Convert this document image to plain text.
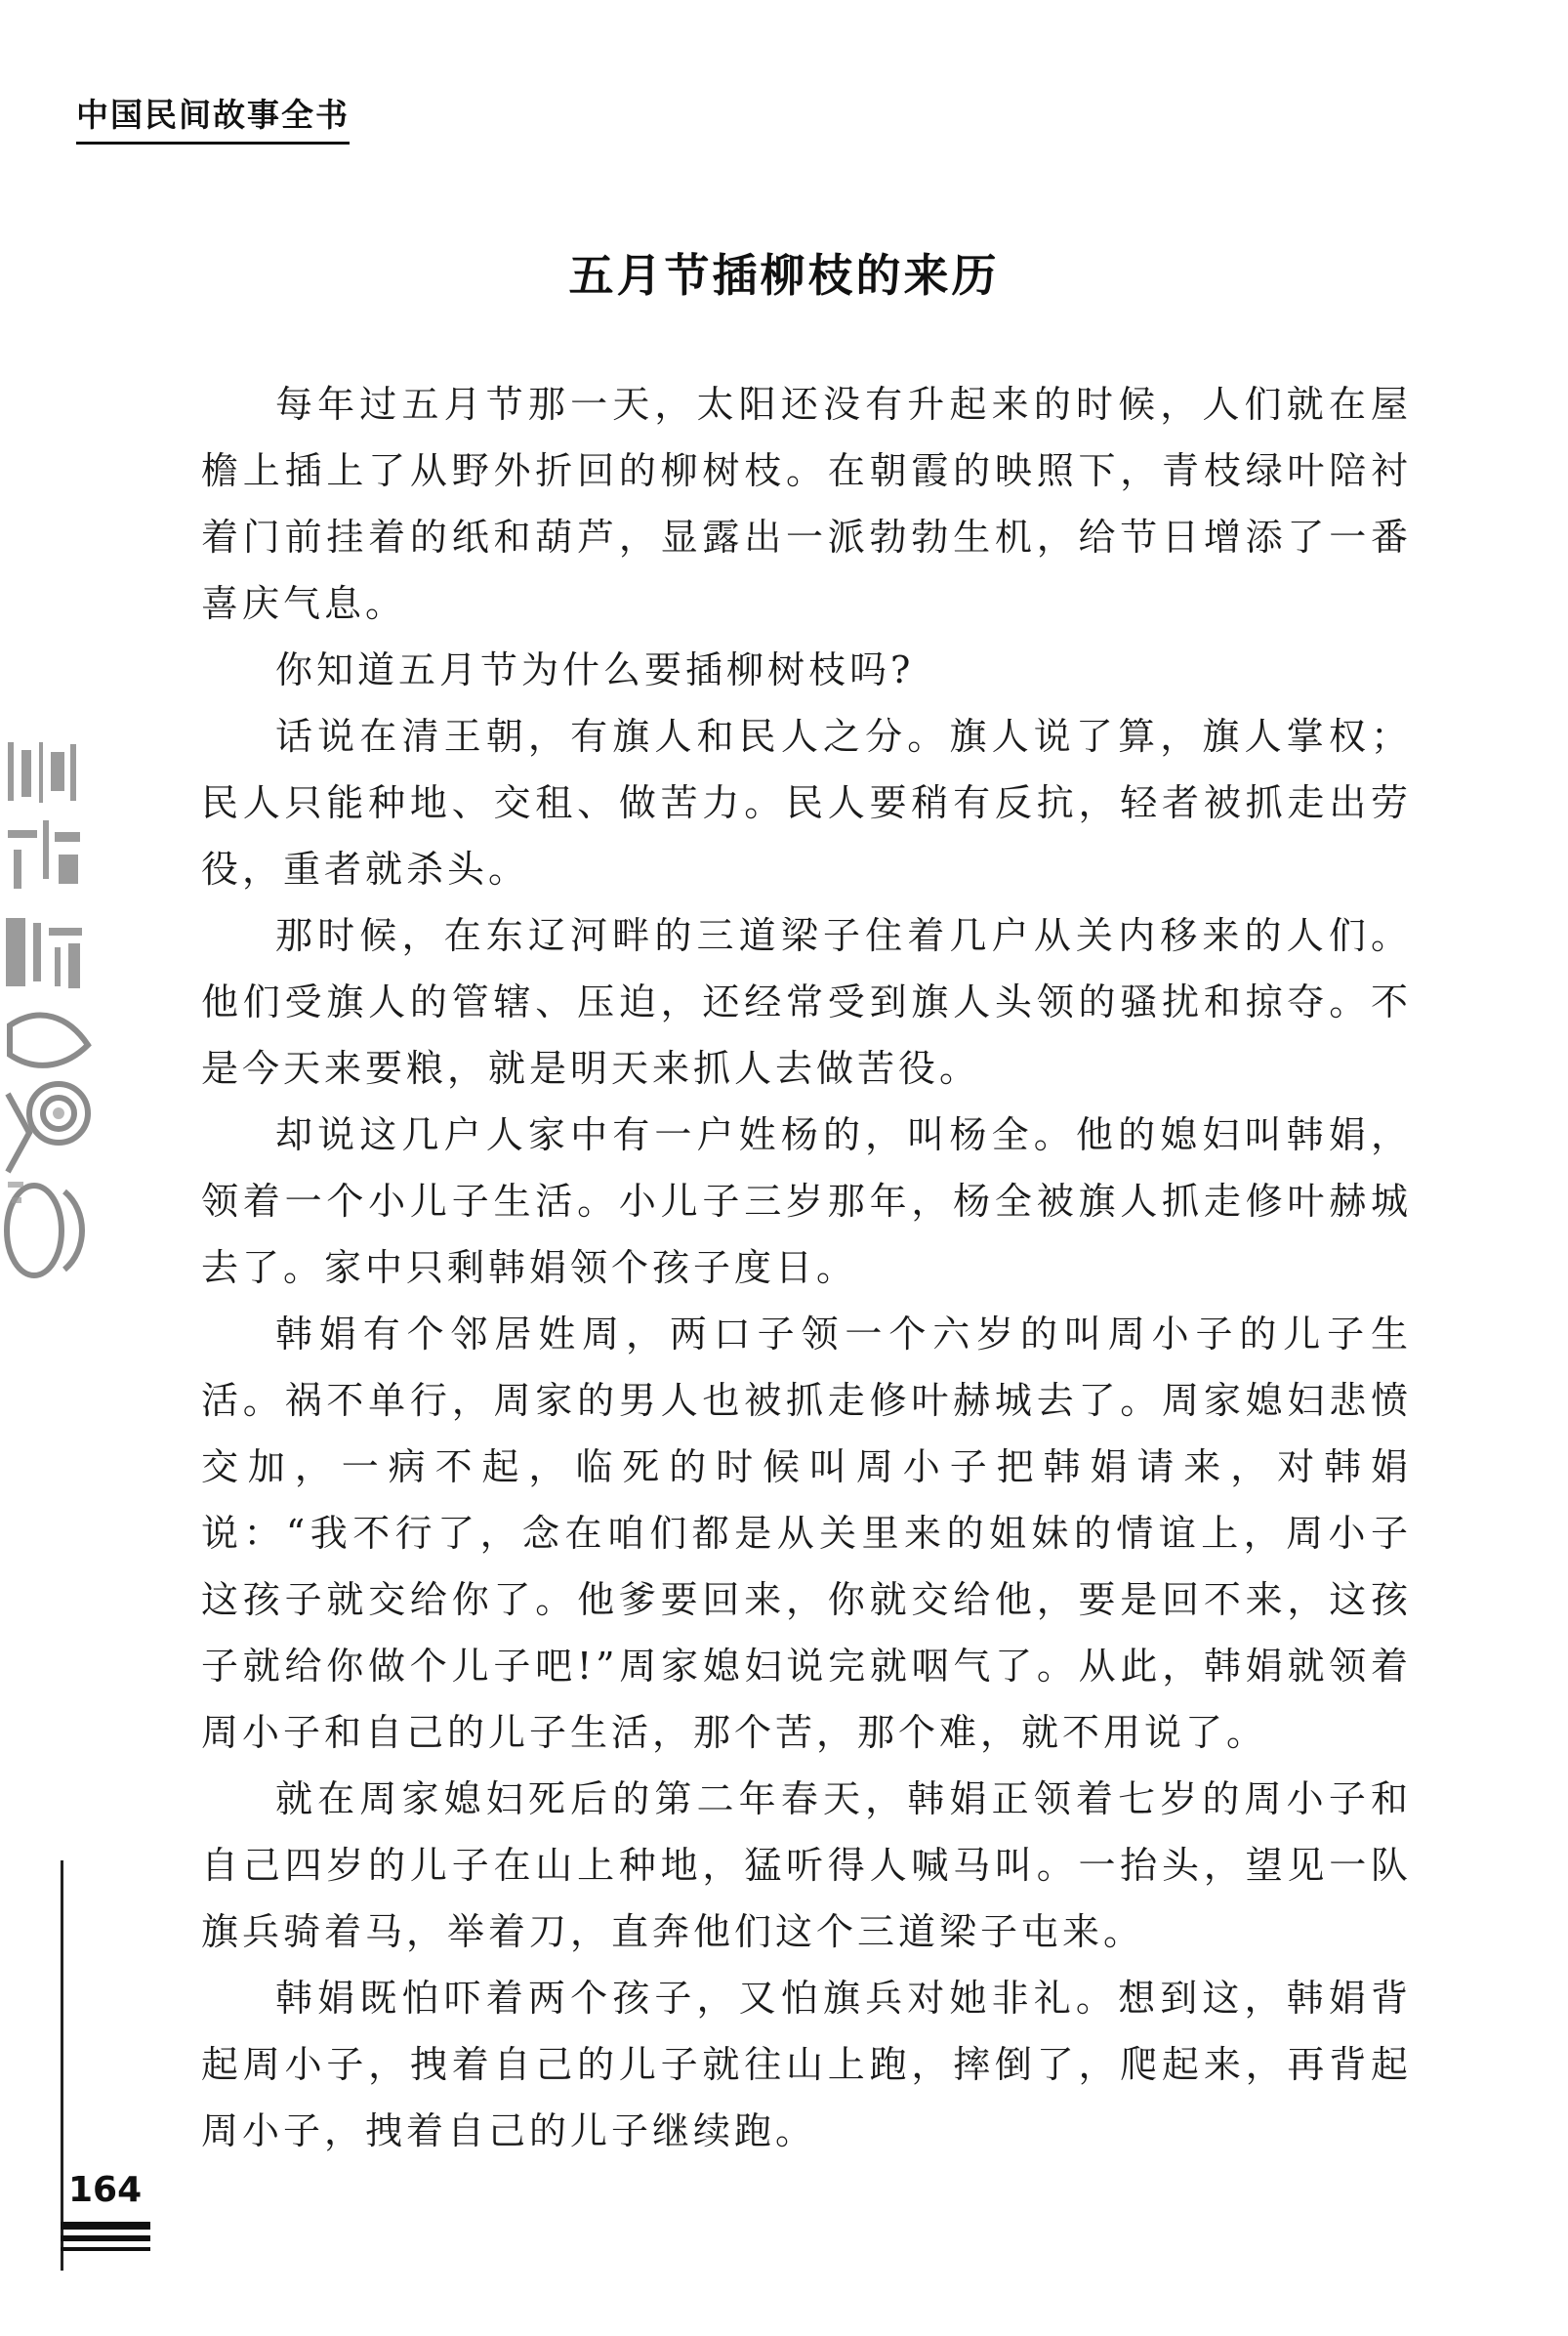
中国民间故事全书
五月节插柳枝的来历

每年过五月节那一天，太阳还没有升起来的时候，人们就在屋檐上插上了从野外折回的柳树枝。在朝霞的映照下，青枝绿叶陪衬着门前挂着的纸和葫芦，显露出一派勃勃生机，给节日增添了一番喜庆气息。

你知道五月节为什么要插柳树枝吗?

话说在清王朝，有旗人和民人之分。旗人说了算，旗人掌权；民人只能种地、交租、做苦力。民人要稍有反抗，轻者被抓走出劳役，重者就杀头。

那时候，在东辽河畔的三道梁子住着几户从关内移来的人们。他们受旗人的管辖、压迫，还经常受到旗人头领的骚扰和掠夺。不是今天来要粮，就是明天来抓人去做苦役。

却说这几户人家中有一户姓杨的，叫杨全。他的媳妇叫韩娟，领着一个小儿子生活。小儿子三岁那年，杨全被旗人抓走修叶赫城去了。家中只剩韩娟领个孩子度日。

韩娟有个邻居姓周，两口子领一个六岁的叫周小子的儿子生活。祸不单行，周家的男人也被抓走修叶赫城去了。周家媳妇悲愤交加，一病不起，临死的时候叫周小子把韩娟请来，对韩娟说：“我不行了，念在咱们都是从关里来的姐妹的情谊上，周小子这孩子就交给你了。他爹要回来，你就交给他，要是回不来，这孩子就给你做个儿子吧!”周家媳妇说完就咽气了。从此，韩娟就领着周小子和自己的儿子生活，那个苦，那个难，就不用说了。

就在周家媳妇死后的第二年春天，韩娟正领着七岁的周小子和自己四岁的儿子在山上种地，猛听得人喊马叫。一抬头，望见一队旗兵骑着马，举着刀，直奔他们这个三道梁子屯来。

韩娟既怕吓着两个孩子，又怕旗兵对她非礼。想到这，韩娟背起周小子，拽着自己的儿子就往山上跑，摔倒了，爬起来，再背起周小子，拽着自己的儿子继续跑。

164
